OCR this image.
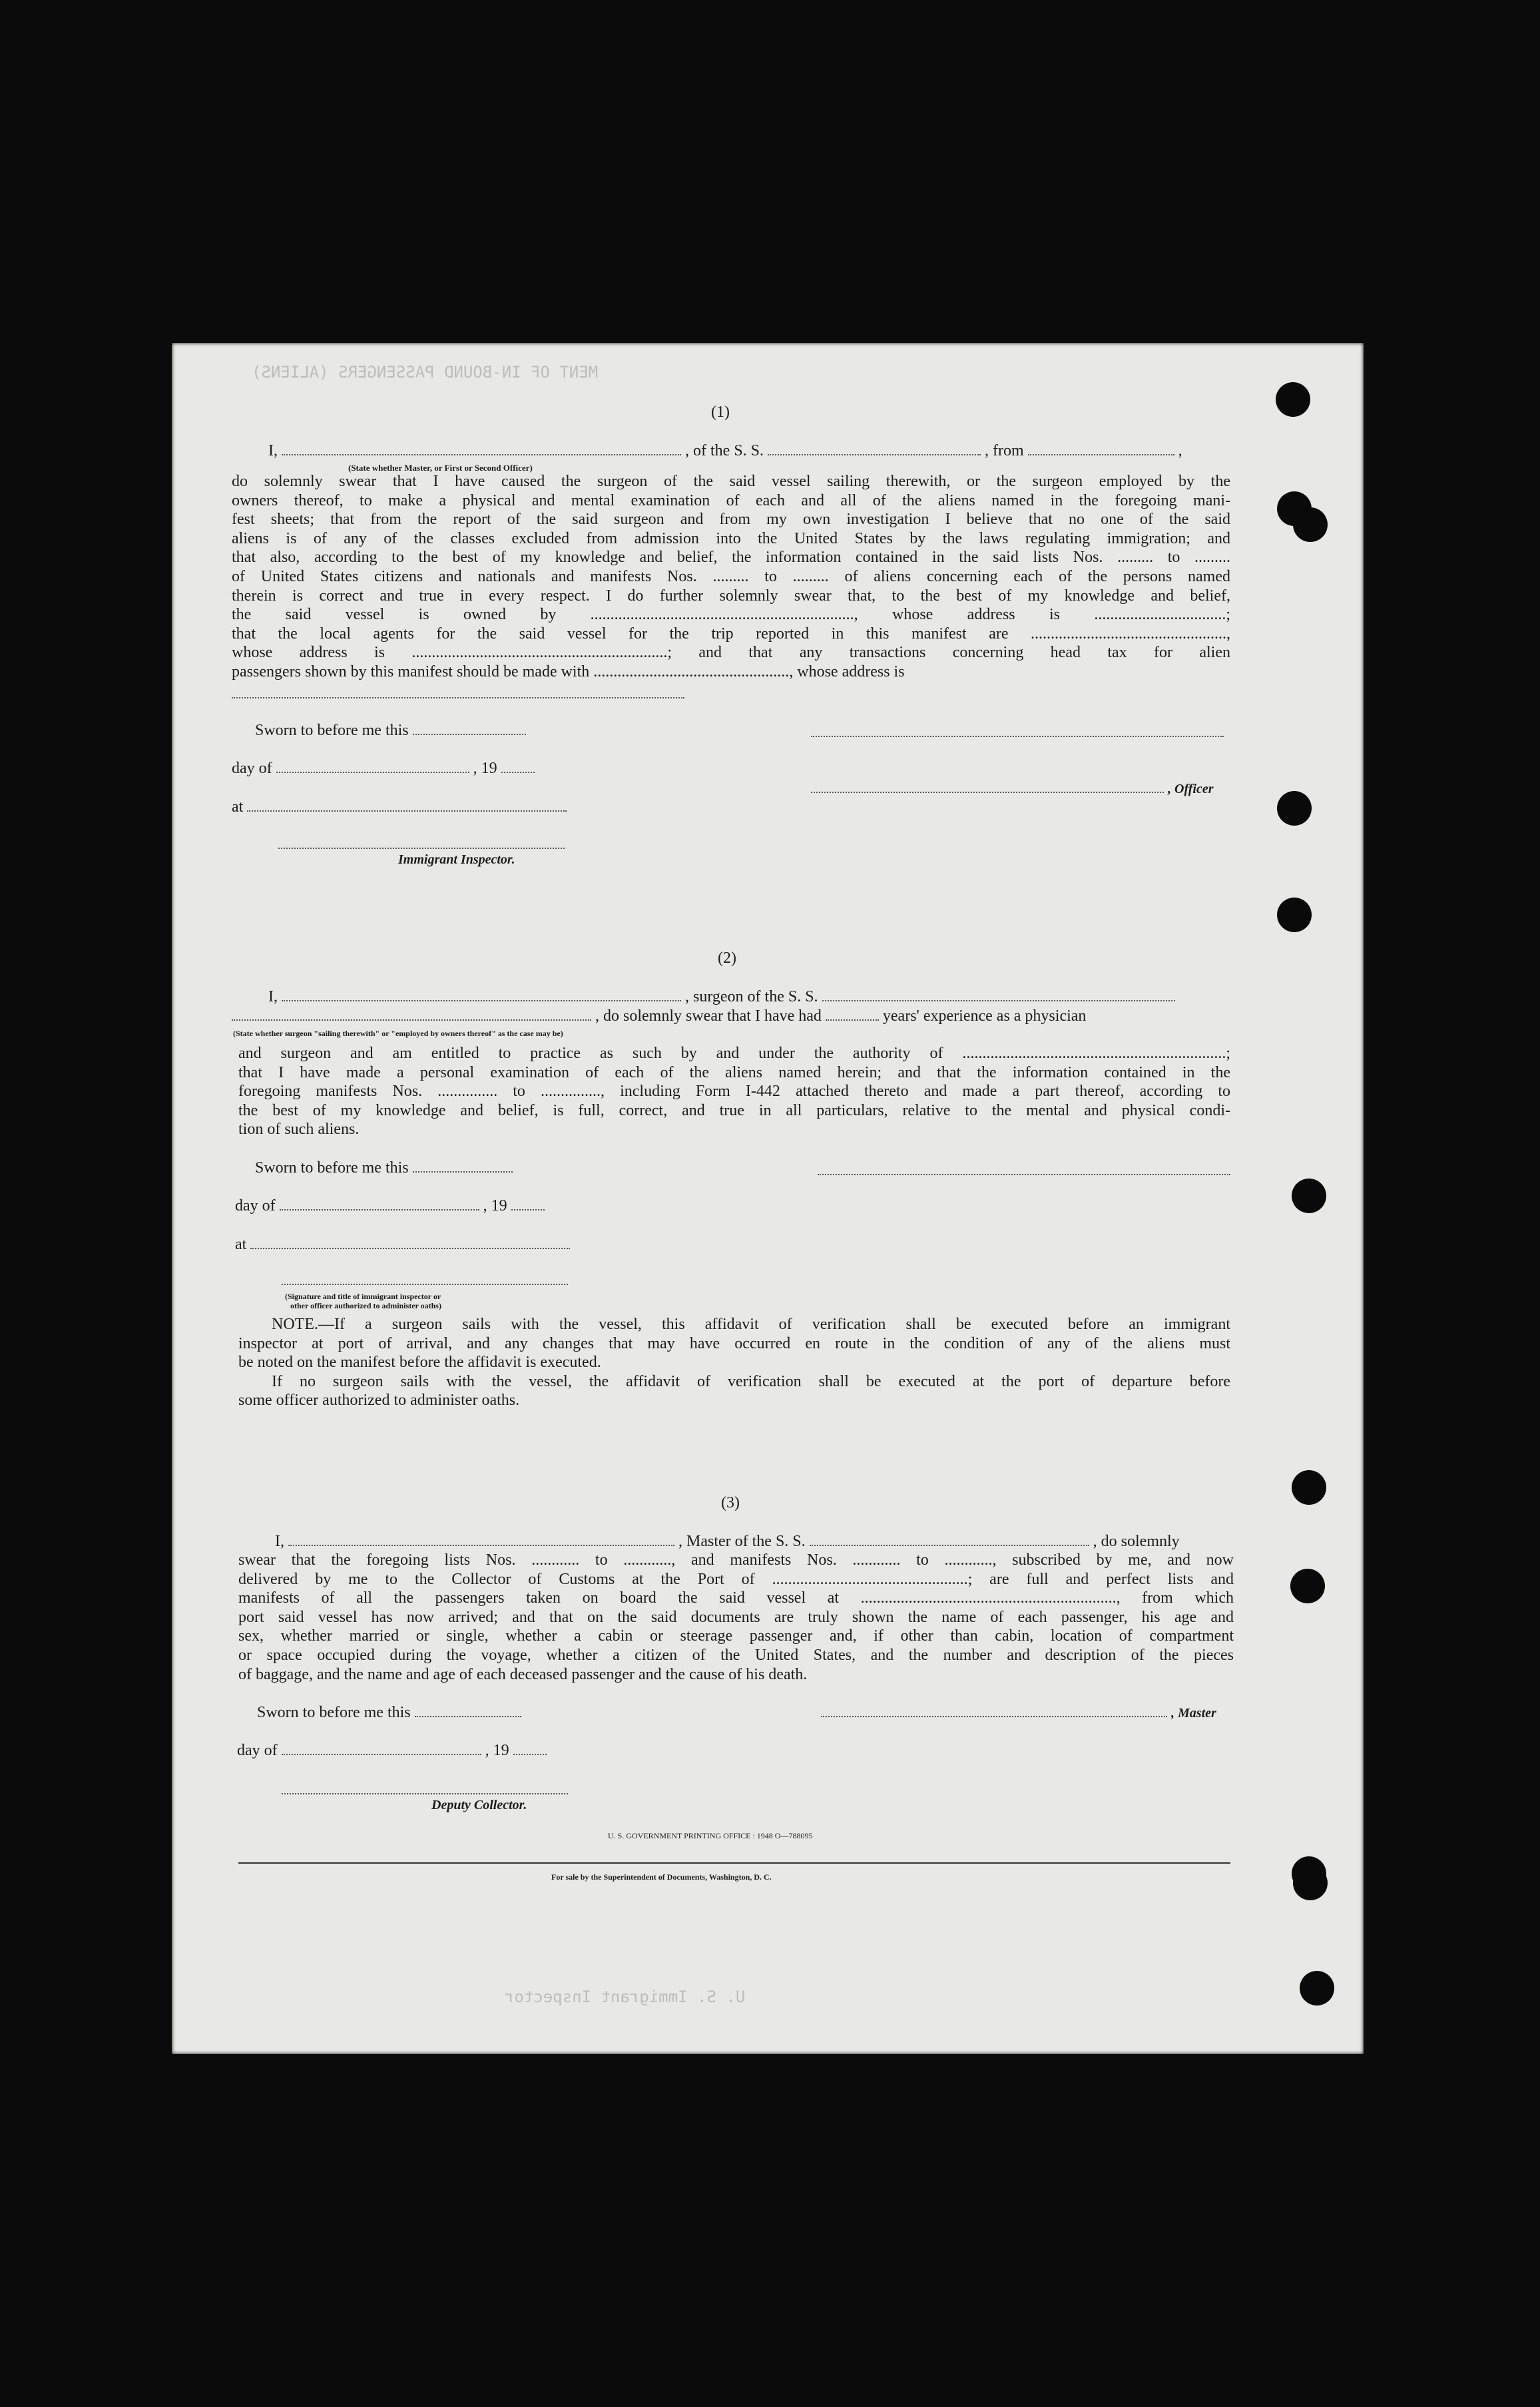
MENT OF IN-BOUND PASSENGERS (ALIENS)
U. S. Immigrant Inspector
(1)
I,	, of the S. S.	, from	,
(State whether Master, or First or Second Officer)
do solemnly swear that I have caused the surgeon of the said vessel sailing therewith, or the surgeon employed by the
owners thereof, to make a physical and mental examination of each and all of the aliens named in the foregoing mani-
fest sheets; that from the report of the said surgeon and from my own investigation I believe that no one of the said
aliens is of any of the classes excluded from admission into the United States by the laws regulating immigration; and
that also, according to the best of my knowledge and belief, the information contained in the said lists Nos. ......... to .........
of United States citizens and nationals and manifests Nos. ......... to ......... of aliens concerning each of the persons named
therein is correct and true in every respect. I do further solemnly swear that, to the best of my knowledge and belief,
the said vessel is owned by .................................................................., whose address is .................................;
that the local agents for the said vessel for the trip reported in this manifest are .................................................,
whose address is ................................................................; and that any transactions concerning head tax for alien
passengers shown by this manifest should be made with ................................................., whose address is
Sworn to before me this
day of	, 19
, Officer
at
Immigrant Inspector.
(2)
I,	, surgeon of the S. S.
, do solemnly swear that I have had	years' experience as a physician
(State whether surgeon "sailing therewith" or "employed by owners thereof" as the case may be)
and surgeon and am entitled to practice as such by and under the authority of ..................................................................;
that I have made a personal examination of each of the aliens named herein; and that the information contained in the
foregoing manifests Nos. ............... to ..............., including Form I-442 attached thereto and made a part thereof, according to
the best of my knowledge and belief, is full, correct, and true in all particulars, relative to the mental and physical condi-
tion of such aliens.
Sworn to before me this
day of	, 19
at
(Signature and title of immigrant inspector or
other officer authorized to administer oaths)
NOTE.—If a surgeon sails with the vessel, this affidavit of verification shall be executed before an immigrant
inspector at port of arrival, and any changes that may have occurred en route in the condition of any of the aliens must
be noted on the manifest before the affidavit is executed.
If no surgeon sails with the vessel, the affidavit of verification shall be executed at the port of departure before
some officer authorized to administer oaths.
(3)
I,	, Master of the S. S.	, do solemnly
swear that the foregoing lists Nos. ............ to ............, and manifests Nos. ............ to ............, subscribed by me, and now
delivered by me to the Collector of Customs at the Port of .................................................; are full and perfect lists and
manifests of all the passengers taken on board the said vessel at ................................................................, from which
port said vessel has now arrived; and that on the said documents are truly shown the name of each passenger, his age and
sex, whether married or single, whether a cabin or steerage passenger and, if other than cabin, location of compartment
or space occupied during the voyage, whether a citizen of the United States, and the number and description of the pieces
of baggage, and the name and age of each deceased passenger and the cause of his death.
Sworn to before me this	, Master
day of	, 19
Deputy Collector.
U. S. GOVERNMENT PRINTING OFFICE : 1948 O—788095
For sale by the Superintendent of Documents, Washington, D. C.
